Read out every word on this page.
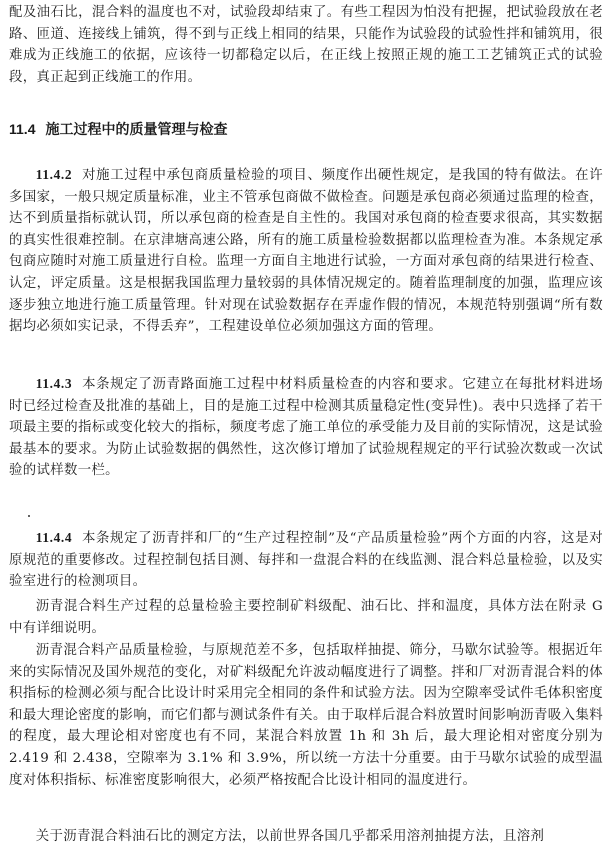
配及油石比，混合料的温度也不对，试验段却结束了。有些工程因为怕没有把握，把试验段放在老路、匝道、连接线上铺筑，得不到与正线上相同的结果，只能作为试验段的试验性拌和铺筑用，很难成为正线施工的依据，应该待一切都稳定以后，在正线上按照正规的施工工艺铺筑正式的试验段，真正起到正线施工的作用。

11.4 施工过程中的质量管理与检查

11.4.2 对施工过程中承包商质量检验的项目、频度作出硬性规定，是我国的特有做法。在许多国家，一般只规定质量标准，业主不管承包商做不做检查。问题是承包商必须通过监理的检查，达不到质量指标就认罚，所以承包商的检查是自主性的。我国对承包商的检查要求很高，其实数据的真实性很难控制。在京津塘高速公路，所有的施工质量检验数据都以监理检查为准。本条规定承包商应随时对施工质量进行自检。监理一方面自主地进行试验，一方面对承包商的结果进行检查、认定，评定质量。这是根据我国监理力量较弱的具体情况规定的。随着监理制度的加强，监理应该逐步独立地进行施工质量管理。针对现在试验数据存在弄虚作假的情况，本规范特别强调“所有数据均必须如实记录，不得丢弃”，工程建设单位必须加强这方面的管理。

11.4.3 本条规定了沥青路面施工过程中材料质量检查的内容和要求。它建立在每批材料进场时已经过检查及批准的基础上，目的是施工过程中检测其质量稳定性(变异性)。表中只选择了若干项最主要的指标或变化较大的指标，频度考虑了施工单位的承受能力及目前的实际情况，这是试验最基本的要求。为防止试验数据的偶然性，这次修订增加了试验规程规定的平行试验次数或一次试验的试样数一栏。

11.4.4 本条规定了沥青拌和厂的“生产过程控制”及“产品质量检验”两个方面的内容，这是对原规范的重要修改。过程控制包括目测、每拌和一盘混合料的在线监测、混合料总量检验，以及实验室进行的检测项目。

沥青混合料生产过程的总量检验主要控制矿料级配、油石比、拌和温度，具体方法在附录 G 中有详细说明。

沥青混合料产品质量检验，与原规范差不多，包括取样抽提、筛分，马歇尔试验等。根据近年来的实际情况及国外规范的变化，对矿料级配允许波动幅度进行了调整。拌和厂对沥青混合料的体积指标的检测必须与配合比设计时采用完全相同的条件和试验方法。因为空隙率受试件毛体积密度和最大理论密度的影响，而它们都与测试条件有关。由于取样后混合料放置时间影响沥青吸入集料的程度，最大理论相对密度也有不同，某混合料放置 1h 和 3h 后，最大理论相对密度分别为 2.419 和 2.438，空隙率为 3.1% 和 3.9%，所以统一方法十分重要。由于马歇尔试验的成型温度对体积指标、标准密度影响很大，必须严格按配合比设计相同的温度进行。

关于沥青混合料油石比的测定方法，以前世界各国几乎都采用溶剂抽提方法，且溶剂
